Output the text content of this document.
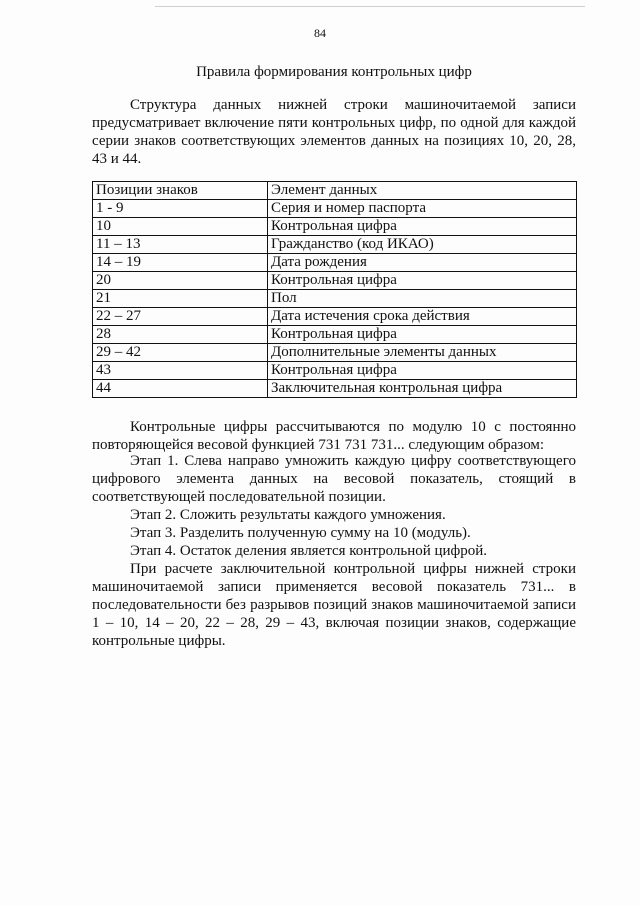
84
Правила формирования контрольных цифр

Структура данных нижней строки машиночитаемой записи предусматривает включение пяти контрольных цифр, по одной для каждой серии знаков соответствующих элементов данных на позициях 10, 20, 28, 43 и 44.

Позиции знаков	Элемент данных
1 - 9	Серия и номер паспорта
10	Контрольная цифра
11 – 13	Гражданство (код ИКАО)
14 – 19	Дата рождения
20	Контрольная цифра
21	Пол
22 – 27	Дата истечения срока действия
28	Контрольная цифра
29 – 42	Дополнительные элементы данных
43	Контрольная цифра
44	Заключительная контрольная цифра

Контрольные цифры рассчитываются по модулю 10 с постоянно повторяющейся весовой функцией 731 731 731... следующим образом:

Этап 1. Слева направо умножить каждую цифру соответствующего цифрового элемента данных на весовой показатель, стоящий в соответствующей последовательной позиции.

Этап 2. Сложить результаты каждого умножения.

Этап 3. Разделить полученную сумму на 10 (модуль).

Этап 4. Остаток деления является контрольной цифрой.

При расчете заключительной контрольной цифры нижней строки машиночитаемой записи применяется весовой показатель 731... в последовательности без разрывов позиций знаков машиночитаемой записи 1 – 10, 14 – 20, 22 – 28, 29 – 43, включая позиции знаков, содержащие контрольные цифры.
